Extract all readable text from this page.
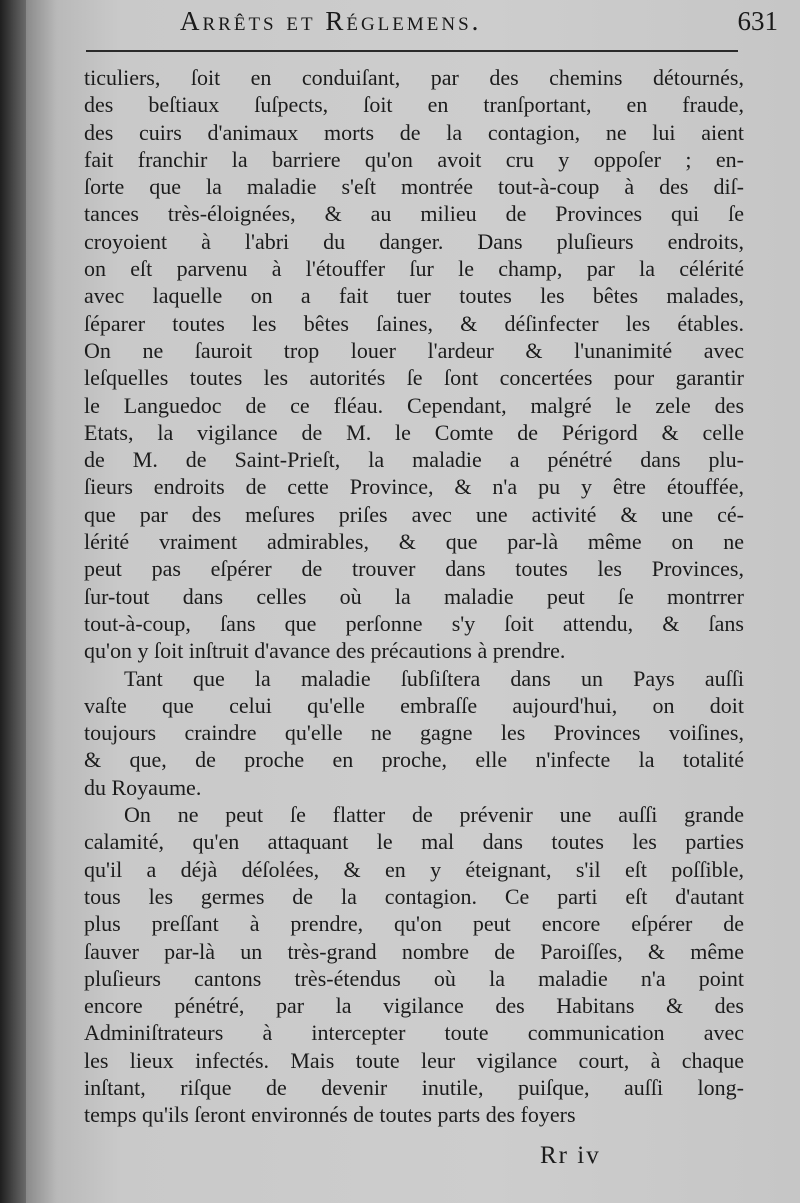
Arrêts et Réglemens.	631
ticuliers, ſoit en conduiſant, par des chemins détournés,
des beſtiaux ſuſpects, ſoit en tranſportant, en fraude,
des cuirs d'animaux morts de la contagion, ne lui aient
fait franchir la barriere qu'on avoit cru y oppoſer ; en-
ſorte que la maladie s'eſt montrée tout-à-coup à des diſ-
tances très-éloignées, & au milieu de Provinces qui ſe
croyoient à l'abri du danger. Dans pluſieurs endroits,
on eſt parvenu à l'étouffer ſur le champ, par la célérité
avec laquelle on a fait tuer toutes les bêtes malades,
ſéparer toutes les bêtes ſaines, & déſinfecter les étables.
On ne ſauroit trop louer l'ardeur & l'unanimité avec
leſquelles toutes les autorités ſe ſont concertées pour garantir
le Languedoc de ce fléau. Cependant, malgré le zele des
Etats, la vigilance de M. le Comte de Périgord & celle
de M. de Saint-Prieſt, la maladie a pénétré dans plu-
ſieurs endroits de cette Province, & n'a pu y être étouffée,
que par des meſures priſes avec une activité & une cé-
lérité vraiment admirables, & que par-là même on ne
peut pas eſpérer de trouver dans toutes les Provinces,
ſur-tout dans celles où la maladie peut ſe montrrer
tout-à-coup, ſans que perſonne s'y ſoit attendu, & ſans
qu'on y ſoit inſtruit d'avance des précautions à prendre.
Tant que la maladie ſubſiſtera dans un Pays auſſi
vaſte que celui qu'elle embraſſe aujourd'hui, on doit
toujours craindre qu'elle ne gagne les Provinces voiſines,
& que, de proche en proche, elle n'infecte la totalité
du Royaume.
On ne peut ſe flatter de prévenir une auſſi grande
calamité, qu'en attaquant le mal dans toutes les parties
qu'il a déjà déſolées, & en y éteignant, s'il eſt poſſible,
tous les germes de la contagion. Ce parti eſt d'autant
plus preſſant à prendre, qu'on peut encore eſpérer de
ſauver par-là un très-grand nombre de Paroiſſes, & même
pluſieurs cantons très-étendus où la maladie n'a point
encore pénétré, par la vigilance des Habitans & des
Adminiſtrateurs à intercepter toute communication avec
les lieux infectés. Mais toute leur vigilance court, à chaque
inſtant, riſque de devenir inutile, puiſque, auſſi long-
temps qu'ils ſeront environnés de toutes parts des foyers
Rr iv
